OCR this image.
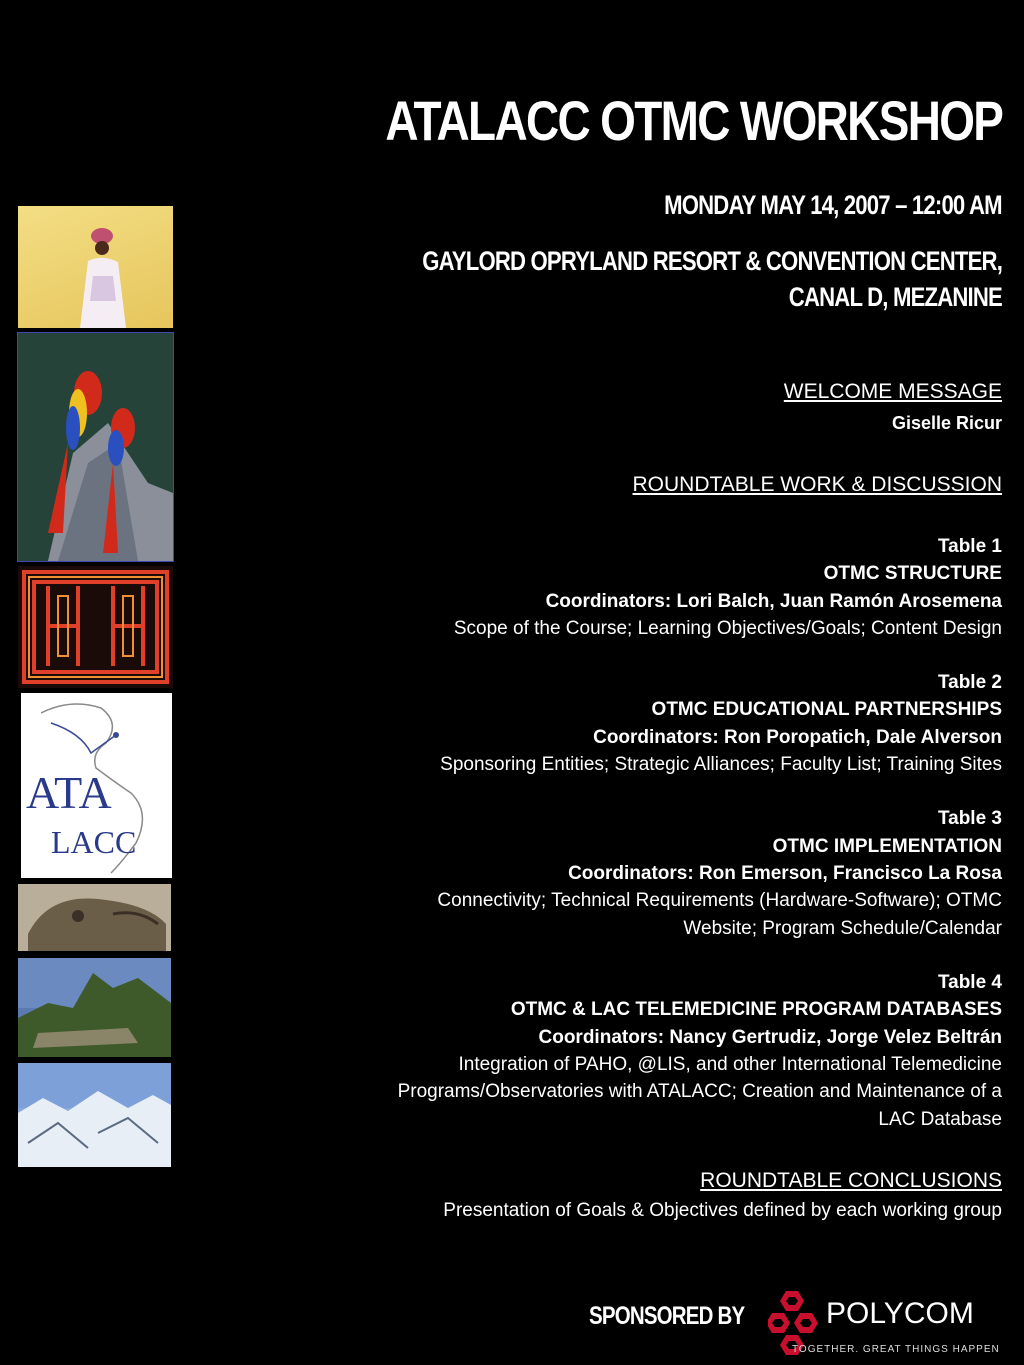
ATALACC OTMC WORKSHOP
MONDAY MAY 14, 2007 – 12:00 AM
GAYLORD OPRYLAND RESORT & CONVENTION CENTER,
CANAL D, MEZANINE
WELCOME MESSAGE
Giselle Ricur
ROUNDTABLE WORK & DISCUSSION
Table 1
OTMC STRUCTURE
Coordinators: Lori Balch, Juan Ramón Arosemena
Scope of the Course; Learning Objectives/Goals; Content Design
Table 2
OTMC EDUCATIONAL PARTNERSHIPS
Coordinators: Ron Poropatich, Dale Alverson
Sponsoring Entities; Strategic Alliances; Faculty List; Training Sites
Table 3
OTMC IMPLEMENTATION
Coordinators: Ron Emerson, Francisco La Rosa
Connectivity; Technical Requirements (Hardware-Software); OTMC
Website; Program Schedule/Calendar
Table 4
OTMC & LAC TELEMEDICINE PROGRAM DATABASES
Coordinators: Nancy Gertrudiz, Jorge Velez Beltrán
Integration of PAHO, @LIS, and other International Telemedicine
Programs/Observatories with ATALACC; Creation and Maintenance of a
LAC Database
ROUNDTABLE CONCLUSIONS
Presentation of Goals & Objectives defined by each working group
SPONSORED BY	POLYCOM
TOGETHER. GREAT THINGS HAPPEN.
ATA
LACC
